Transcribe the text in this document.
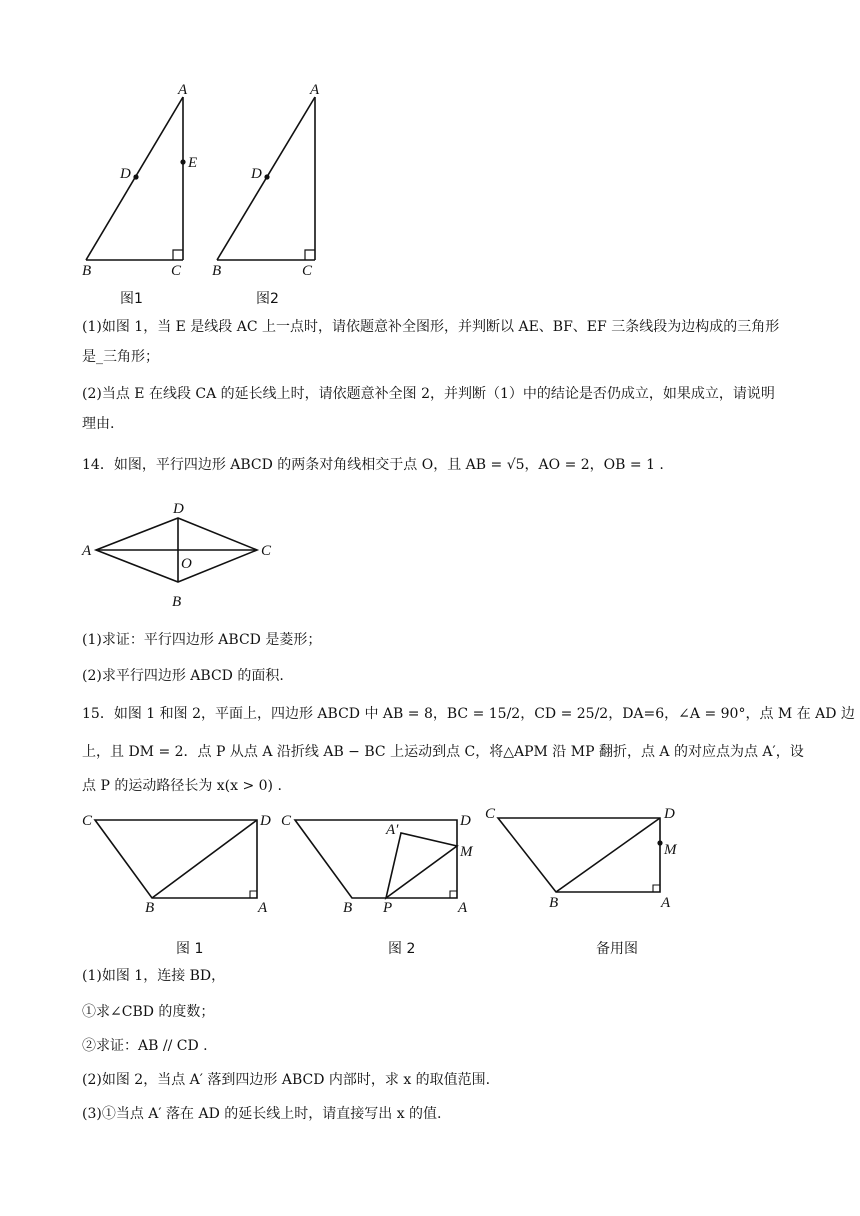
A
D
E
B	C
图1
A
D
B	C
图2
A
D
C
B
O
C	D
B	A
图 1
C	D
A′
M
B P	A
图 2
C	D
M
B	A
备用图
(1)如图 1，当 E 是线段 AC 上一点时，请依题意补全图形，并判断以 AE、BF、EF 三条线段为边构成的三角形
是_三角形；
(2)当点 E 在线段 CA 的延长线上时，请依题意补全图 2，并判断（1）中的结论是否仍成立，如果成立，请说明
理由.
14．如图，平行四边形 ABCD 的两条对角线相交于点 O，且 AB = √5，AO = 2，OB = 1 .
(1)求证：平行四边形 ABCD 是菱形；
(2)求平行四边形 ABCD 的面积.
15．如图 1 和图 2，平面上，四边形 ABCD 中 AB = 8，BC = 15/2，CD = 25/2，DA=6，∠A = 90°，点 M 在 AD 边
上，且 DM = 2．点 P 从点 A 沿折线 AB − BC 上运动到点 C，将△APM 沿 MP 翻折，点 A 的对应点为点 A′，设
点 P 的运动路径长为 x(x > 0) .
(1)如图 1，连接 BD，
①求∠CBD 的度数；
②求证：AB // CD .
(2)如图 2，当点 A′ 落到四边形 ABCD 内部时，求 x 的取值范围.
(3)①当点 A′ 落在 AD 的延长线上时，请直接写出 x 的值.
